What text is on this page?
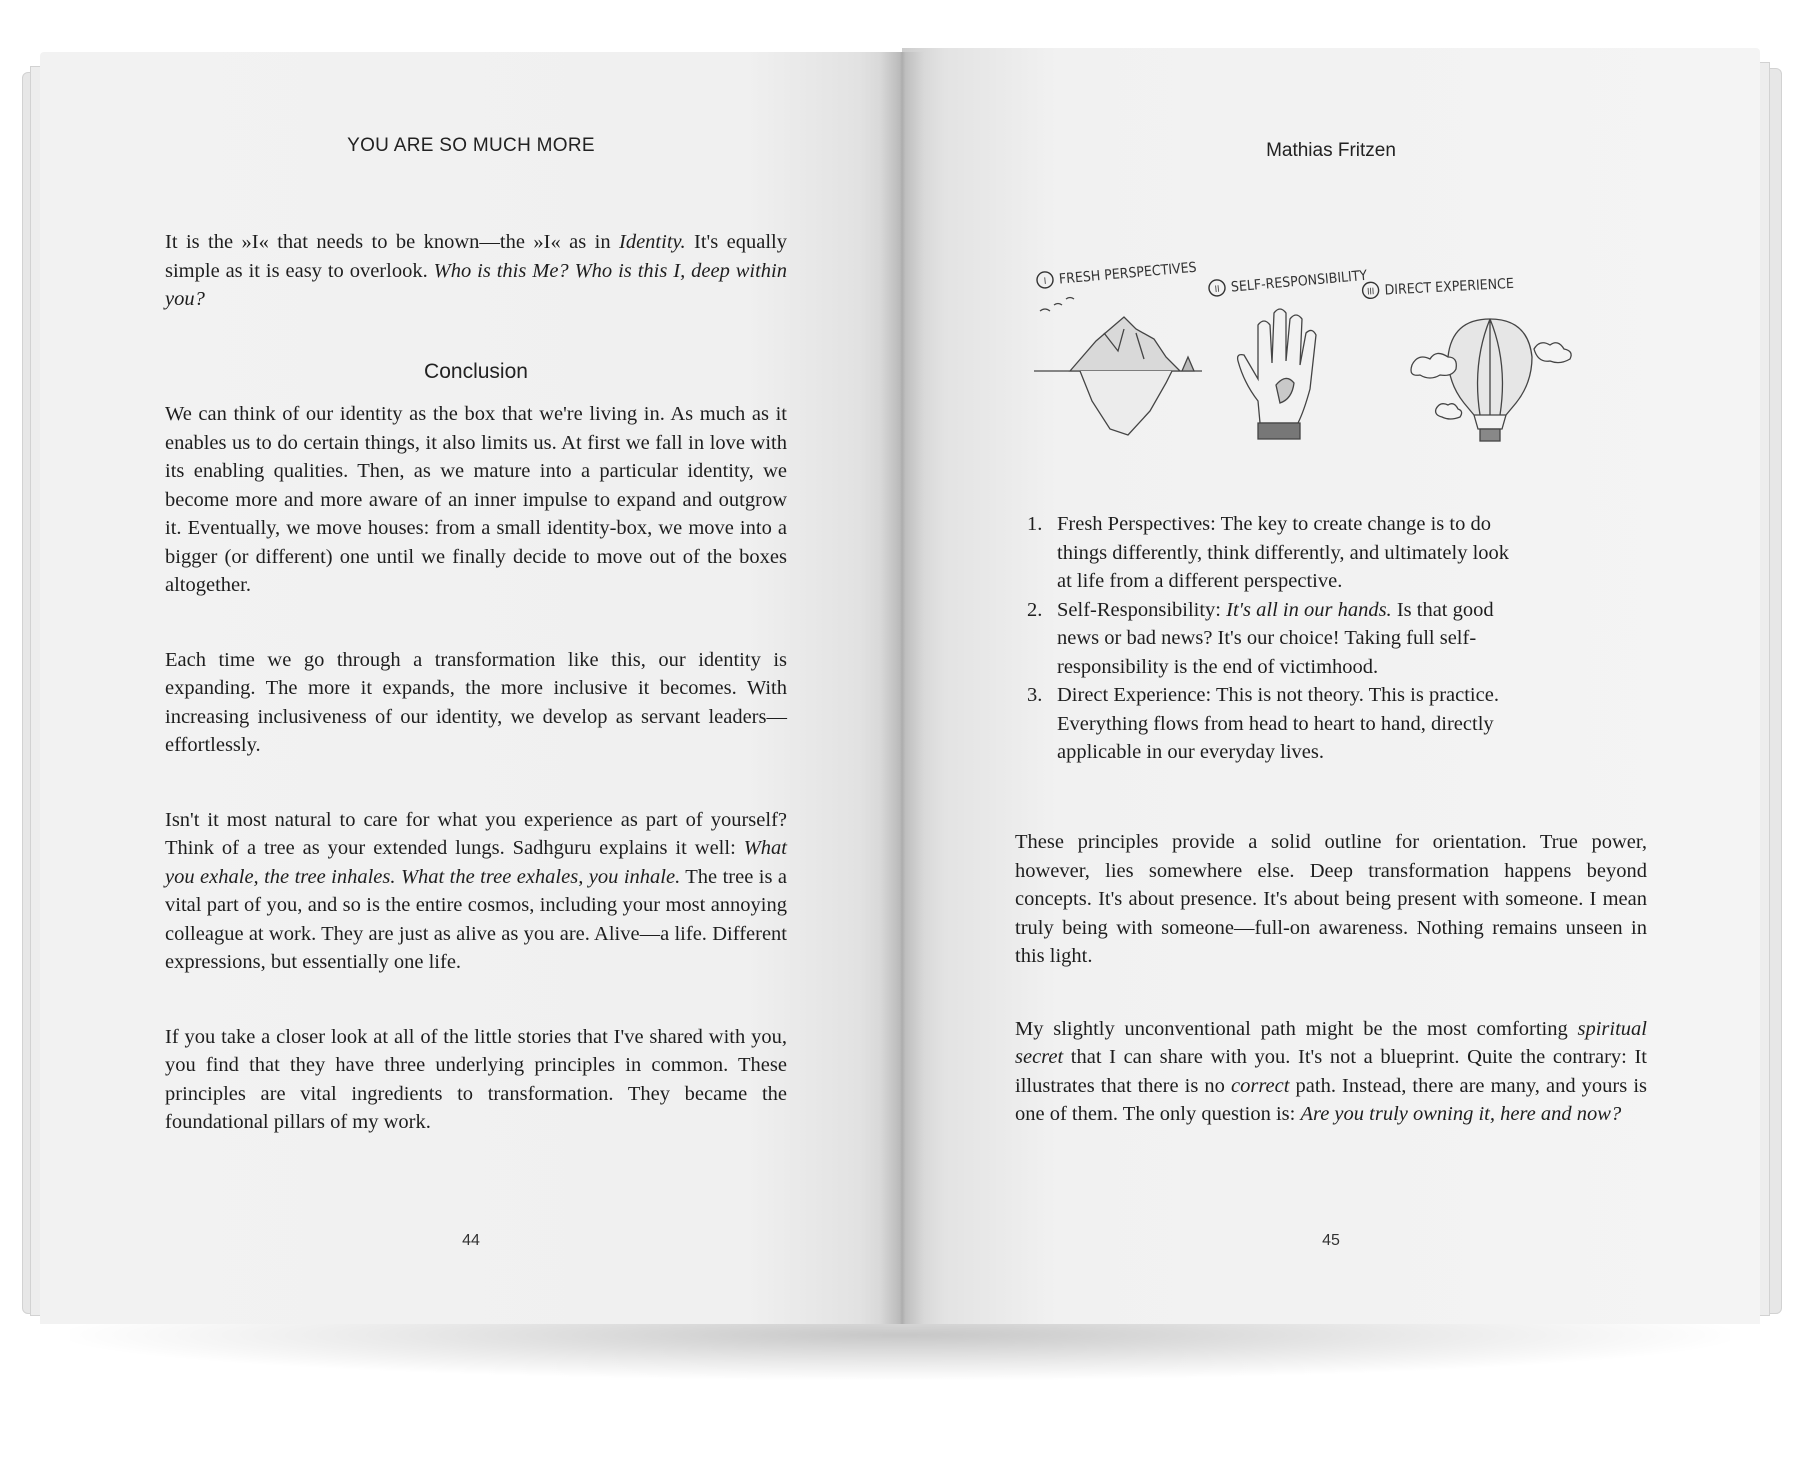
YOU ARE SO MUCH MORE

It is the »I« that needs to be known—the »I« as in Identity. It's equally simple as it is easy to overlook. Who is this Me? Who is this I, deep within you?

Conclusion

We can think of our identity as the box that we're living in. As much as it enables us to do certain things, it also limits us. At first we fall in love with its enabling qualities. Then, as we mature into a particular identity, we become more and more aware of an inner impulse to expand and outgrow it. Eventually, we move houses: from a small identity-box, we move into a bigger (or different) one until we finally decide to move out of the boxes altogether.

Each time we go through a transformation like this, our identity is expanding. The more it expands, the more inclusive it becomes. With increasing inclusiveness of our identity, we develop as servant leaders—effortlessly.

Isn't it most natural to care for what you experience as part of yourself? Think of a tree as your extended lungs. Sadhguru explains it well: What you exhale, the tree inhales. What the tree exhales, you inhale. The tree is a vital part of you, and so is the entire cosmos, including your most annoying colleague at work. They are just as alive as you are. Alive—a life. Different expressions, but essentially one life.

If you take a closer look at all of the little stories that I've shared with you, you find that they have three underlying principles in common. These principles are vital ingredients to transformation. They became the foundational pillars of my work.

44
Mathias Fritzen
I FRESH PERSPECTIVES
II SELF-RESPONSIBILITY III DIRECT EXPERIENCE
1. Fresh Perspectives: The key to create change is to do things differently, think differently, and ultimately look at life from a different perspective.
2. Self-Responsibility: It's all in our hands. Is that good news or bad news? It's our choice! Taking full self-responsibility is the end of victimhood.
3. Direct Experience: This is not theory. This is practice. Everything flows from head to heart to hand, directly applicable in our everyday lives.

These principles provide a solid outline for orientation. True power, however, lies somewhere else. Deep transformation happens beyond concepts. It's about presence. It's about being present with someone. I mean truly being with someone—full-on awareness. Nothing remains unseen in this light.

My slightly unconventional path might be the most comforting spiritual secret that I can share with you. It's not a blueprint. Quite the contrary: It illustrates that there is no correct path. Instead, there are many, and yours is one of them. The only question is: Are you truly owning it, here and now?

45
